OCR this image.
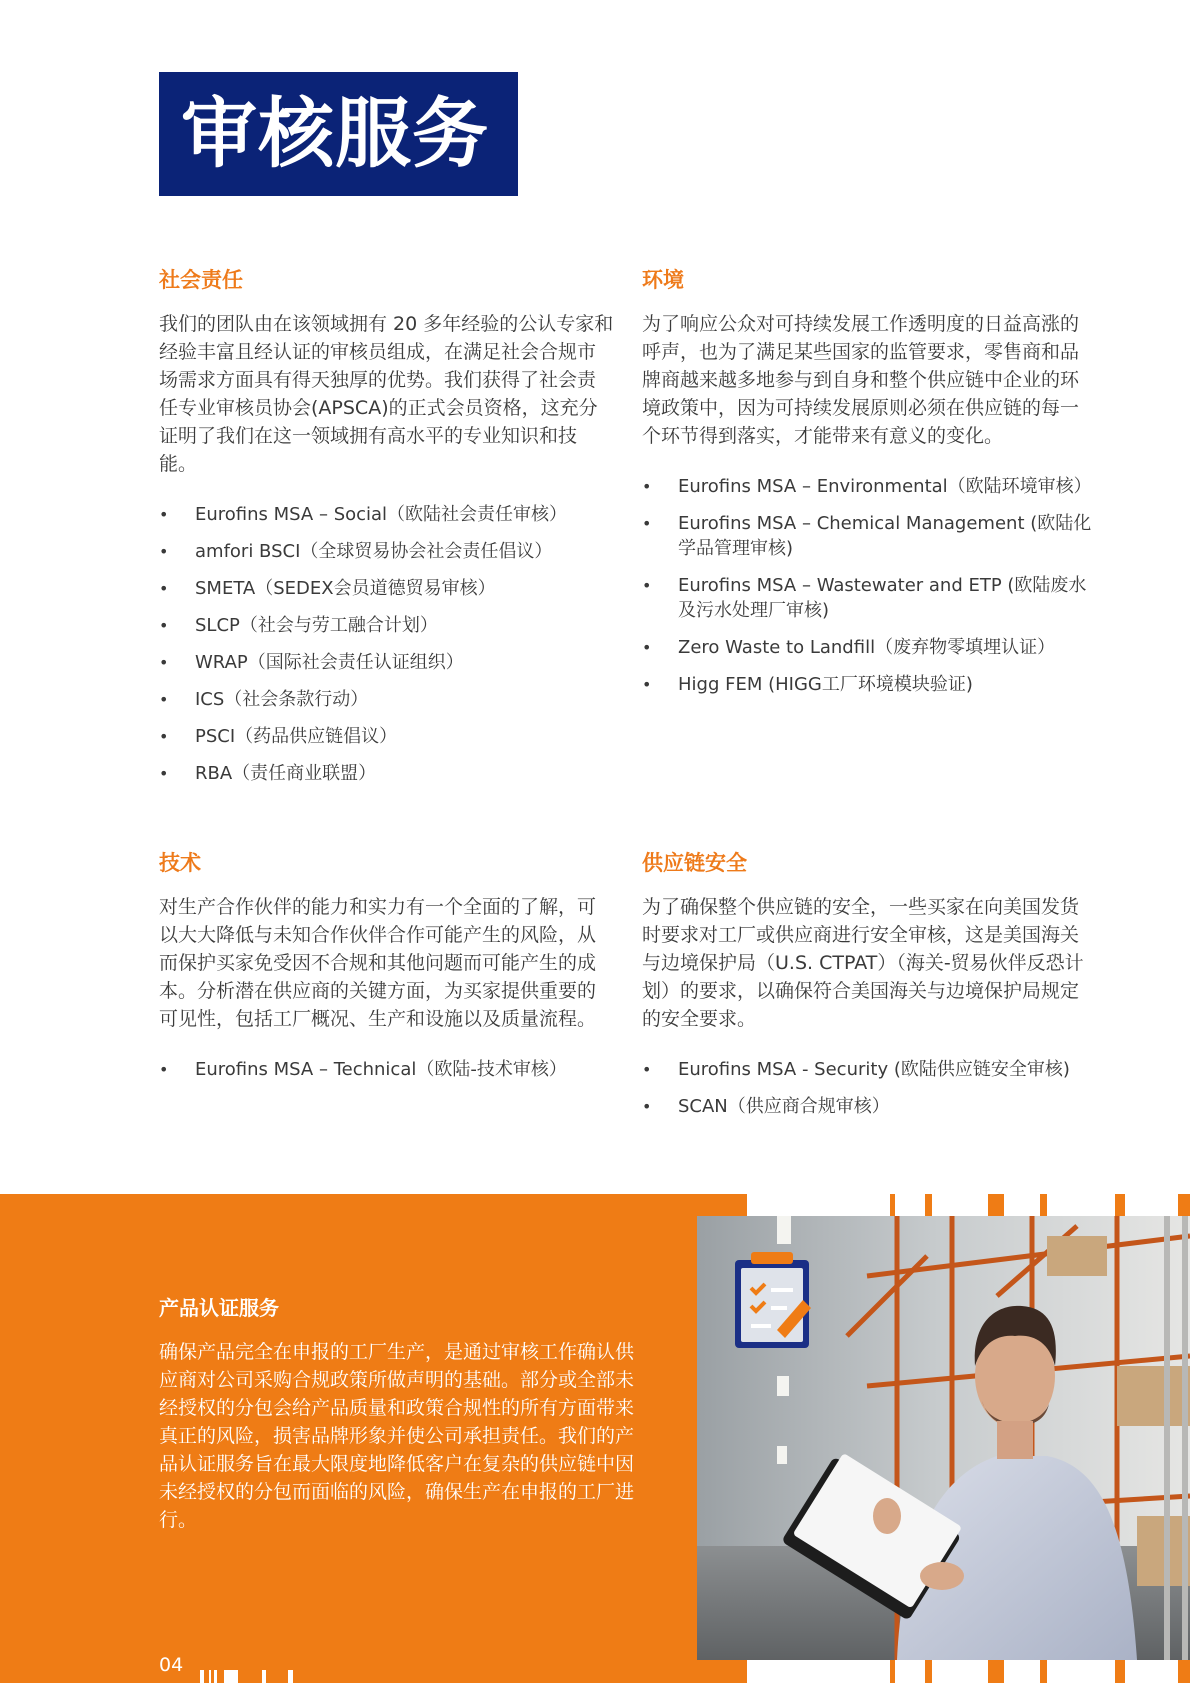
审核服务
社会责任

我们的团队由在该领域拥有 20 多年经验的公认专家和经验丰富且经认证的审核员组成，在满足社会合规市场需求方面具有得天独厚的优势。我们获得了社会责任专业审核员协会(APSCA)的正式会员资格，这充分证明了我们在这一领域拥有高水平的专业知识和技能。

•	Eurofins MSA – Social（欧陆社会责任审核）
•	amfori BSCI（全球贸易协会社会责任倡议）
•	SMETA（SEDEX会员道德贸易审核）
•	SLCP（社会与劳工融合计划）
•	WRAP（国际社会责任认证组织）
•	ICS（社会条款行动）
•	PSCI（药品供应链倡议）
•	RBA（责任商业联盟）
环境

为了响应公众对可持续发展工作透明度的日益高涨的呼声，也为了满足某些国家的监管要求，零售商和品牌商越来越多地参与到自身和整个供应链中企业的环境政策中，因为可持续发展原则必须在供应链的每一个环节得到落实，才能带来有意义的变化。

•	Eurofins MSA – Environmental（欧陆环境审核）
•	Eurofins MSA – Chemical Management (欧陆化学品管理审核)
•	Eurofins MSA – Wastewater and ETP (欧陆废水及污水处理厂审核)
•	Zero Waste to Landfill（废弃物零填埋认证）
•	Higg FEM (HIGG工厂环境模块验证)
技术

对生产合作伙伴的能力和实力有一个全面的了解，可以大大降低与未知合作伙伴合作可能产生的风险，从而保护买家免受因不合规和其他问题而可能产生的成本。分析潜在供应商的关键方面，为买家提供重要的可见性，包括工厂概况、生产和设施以及质量流程。

•	Eurofins MSA – Technical（欧陆-技术审核）
供应链安全

为了确保整个供应链的安全，一些买家在向美国发货时要求对工厂或供应商进行安全审核，这是美国海关与边境保护局（U.S. CTPAT）（海关-贸易伙伴反恐计划）的要求，以确保符合美国海关与边境保护局规定的安全要求。

•	Eurofins MSA - Security (欧陆供应链安全审核)
•	SCAN（供应商合规审核）
产品认证服务

确保产品完全在申报的工厂生产，是通过审核工作确认供应商对公司采购合规政策所做声明的基础。部分或全部未经授权的分包会给产品质量和政策合规性的所有方面带来真正的风险，损害品牌形象并使公司承担责任。我们的产品认证服务旨在最大限度地降低客户在复杂的供应链中因未经授权的分包而面临的风险，确保生产在申报的工厂进行。

04
